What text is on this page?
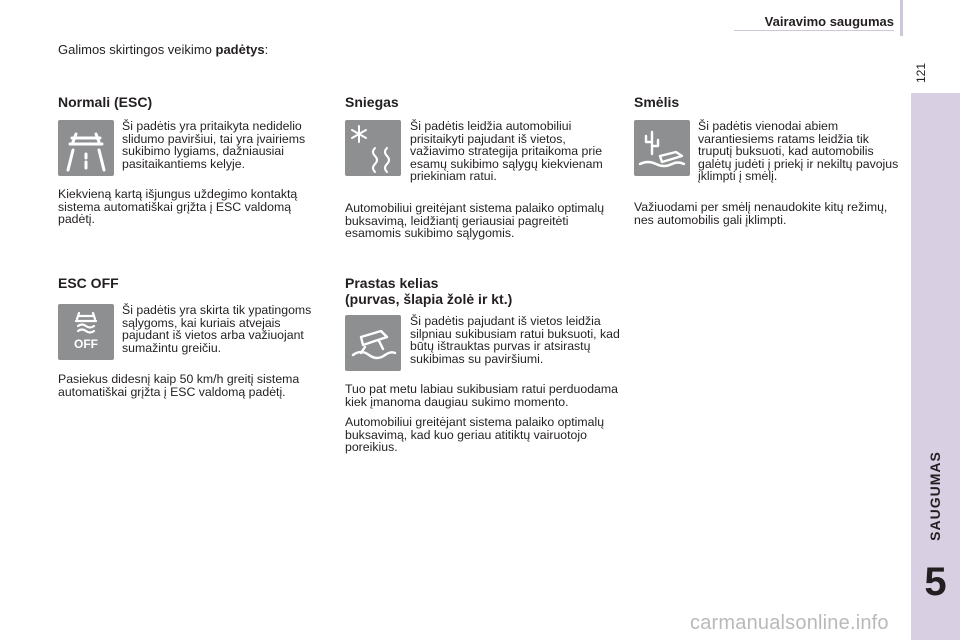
Vairavimo saugumas
121
SAUGUMAS
5
Galimos skirtingos veikimo padėtys:
Normali (ESC)
Ši padėtis yra pritaikyta nedidelio slidumo paviršiui, tai yra įvairiems sukibimo lygiams, dažniausiai pasitaikantiems kelyje.

Kiekvieną kartą išjungus uždegimo kontaktą sistema automatiškai grįžta į ESC valdomą padėtį.

ESC OFF
OFF
Ši padėtis yra skirta tik ypatingoms sąlygoms, kai kuriais atvejais pajudant iš vietos arba važiuojant sumažintu greičiu.

Pasiekus didesnį kaip 50 km/h greitį sistema automatiškai grįžta į ESC valdomą padėtį.

Sniegas
Ši padėtis leidžia automobiliui prisitaikyti pajudant iš vietos, važiavimo strategija pritaikoma prie esamų sukibimo sąlygų kiekvienam priekiniam ratui.

Automobiliui greitėjant sistema palaiko optimalų buksavimą, leidžiantį geriausiai pagreitėti esamomis sukibimo sąlygomis.

Prastas kelias
(purvas, šlapia žolė ir kt.)
Ši padėtis pajudant iš vietos leidžia silpniau sukibusiam ratui buksuoti, kad būtų ištrauktas purvas ir atsirastų sukibimas su paviršiumi.

Tuo pat metu labiau sukibusiam ratui perduodama kiek įmanoma daugiau sukimo momento.

Automobiliui greitėjant sistema palaiko optimalų buksavimą, kad kuo geriau atitiktų vairuotojo poreikius.

Smėlis
Ši padėtis vienodai abiem varantiesiems ratams leidžia tik truputį buksuoti, kad automobilis galėtų judėti į priekį ir nekiltų pavojus įklimpti į smėlį.

Važiuodami per smėlį nenaudokite kitų režimų, nes automobilis gali įklimpti.

carmanualsonline.info
